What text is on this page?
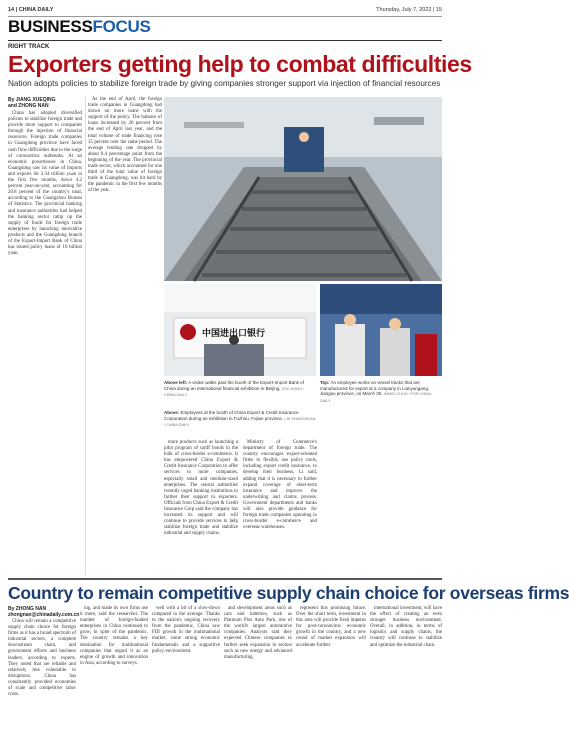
14 | CHINA DAILY	Thursday, July 7, 2022 | 15
BUSINESSFOCUS
RIGHT TRACK
Exporters getting help to combat difficulties
Nation adopts policies to stabilize foreign trade by giving companies stronger support via injection of financial resources
By JIANG XUEQING
and ZHONG NAN

China has adopted diversified policies to stabilize foreign trade and provide more support to companies through the injection of financial resources. Foreign trade companies in Guangdong province have faced cash flow difficulties due to the surge of coronavirus outbreaks. At an economic powerhouse in China, Guangdong saw its value of imports and exports hit 3.34 trillion yuan in the first five months, down 4.2 percent year-on-year, accounting for 20.8 percent of the country's total, according to the Guangzhou Bureau of Statistics. The provincial banking and insurance authorities had helped the banking sector ramp up the supply of funds for foreign trade enterprises by launching innovative products and the Guangdong branch of the Export-Import Bank of China has issued policy loans of 10 billion yuan.

As the end of April, the foreign trade companies in Guangdong had drawn on more loans with the support of the policy. The balance of loans increased by 20 percent from the end of April last year, and the total volume of trade financing rose 35 percent over the same period. The average lending rate dropped by about 0.4 percentage point from the beginning of the year. The provincial trade sector, which accounted for one third of the total value of foreign trade in Guangdong, was hit hard by the pandemic in the first few months of the year.

Top: An employee works on vessel tracks that are manufactured for export at a company in Lianyungang, Jiangsu province, on March 30. WANG CHUN / FOR CHINA DAILY
中国进出口银行
Above left: A visitor walks past the booth of the Export-Import Bank of China during an international financial exhibition in Beijing. ZOU HONG / CHINA DAILY
Above: Employees at the booth of China Export & Credit Insurance Corporation during an exhibition in Fuzhou, Fujian province. LIN SHANCHUAN / CHINA DAILY

more products such as launching a pilot program of tariff bonds in the bulk of cross-border e-commerce. It has empowered China Export & Credit Insurance Corporation to offer services to more companies, especially small and medium-sized enterprises. The central authorities recently urged banking institutions to further their support to exporters. Officials from China Export & Credit Insurance Corp said the company has increased its support and will continue to provide services to help stabilize foreign trade and stabilize industrial and supply chains.

Ministry of Commerce's department of foreign trade. The country encourages export-oriented firms to flexibly use policy tools, including export credit insurance, to develop their business, Li said, adding that it is necessary to further expand coverage of short-term insurance and improve the underwriting and claims process. Government departments and banks will also provide guidance for foreign trade companies operating in cross-border e-commerce and overseas warehouses.

Country to remain competitive supply chain choice for overseas firms
By ZHONG NAN
zhongnan@chinadaily.com.cn

China will remain a competitive supply chain choice for foreign firms as it has a broad spectrum of industrial sectors, a complete downstream chain, and government efforts and business leaders, according to experts. They noted that are reliable and relatively less vulnerable to disruptions. China has consistently provided economies of scale and competitive labor costs.

ing, and made its own firms use it more, said the researcher. The number of foreign-funded enterprises in China continued to grow, in spite of the pandemic. The country remains a key destination for multinational companies that regard it as an engine of growth and innovation in Asia, according to surveys.

well with a bit of a slow-down compared to the average. Thanks to the nation's ongoing recovery from the pandemic, China saw FDI growth in the multinational market, some strong economic fundamentals and a supportive policy environment.

and development areas such as cars and batteries, such as Platinum Plus Auto Park, one of the world's largest automotive companies. Analysts said they expected Chinese companies to further seek expansion in sectors such as new energy and advanced manufacturing.

represent this promising future. Over the short term, investment in this area will provide fresh impetus for post-coronavirus economic growth in the country, and a new round of market expansion will accelerate further.

international investment, will have the effect of creating an even stronger business environment. Overall, in addition, in terms of logistics and supply chains, the country will continue to stabilize and optimize the industrial chain.
